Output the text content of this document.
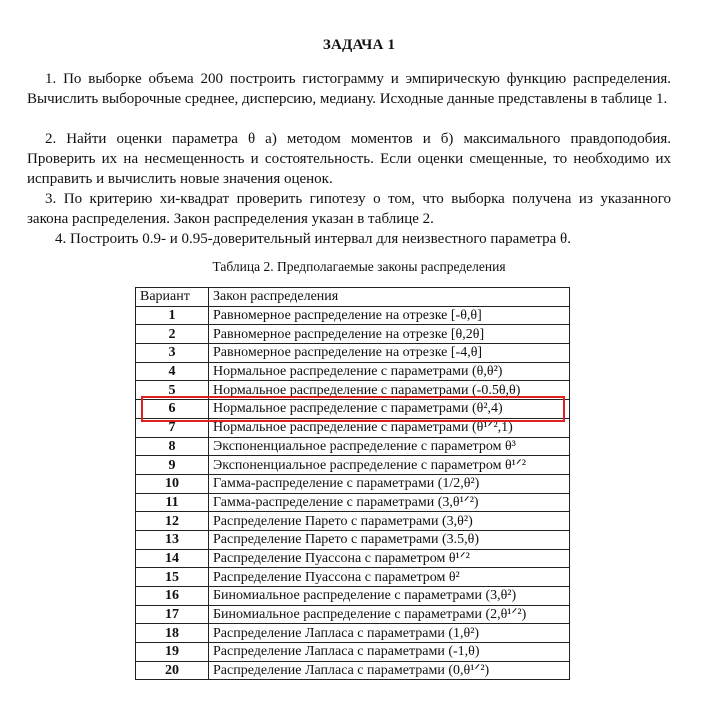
ЗАДАЧА 1
1. По выборке объема 200 построить гистограмму и эмпирическую функцию распределения. Вычислить выборочные среднее, дисперсию, медиану. Исходные данные представлены в таблице 1.
2. Найти оценки параметра θ а) методом моментов и б) максимального правдоподобия. Проверить их на несмещенность и состоятельность. Если оценки смещенные, то необходимо их исправить и вычислить новые значения оценок.
3. По критерию хи-квадрат проверить гипотезу о том, что выборка получена из указанного закона распределения. Закон распределения указан в таблице 2.
4. Построить 0.9- и 0.95-доверительный интервал для неизвестного параметра θ.
Таблица 2. Предполагаемые законы распределения
Вариант	Закон распределения
1	Равномерное распределение на отрезке [-θ,θ]
2	Равномерное распределение на отрезке [θ,2θ]
3	Равномерное распределение на отрезке [-4,θ]
4	Нормальное распределение с параметрами (θ,θ²)
5	Нормальное распределение с параметрами (-0.5θ,θ)
6	Нормальное распределение с параметрами (θ²,4)
7	Нормальное распределение с параметрами (θ¹ᐟ²,1)
8	Экспоненциальное распределение с параметром θ³
9	Экспоненциальное распределение с параметром θ¹ᐟ²
10	Гамма-распределение с параметрами (1/2,θ²)
11	Гамма-распределение с параметрами (3,θ¹ᐟ²)
12	Распределение Парето с параметрами (3,θ²)
13	Распределение Парето с параметрами (3.5,θ)
14	Распределение Пуассона с параметром θ¹ᐟ²
15	Распределение Пуассона с параметром θ²
16	Биномиальное распределение с параметрами (3,θ²)
17	Биномиальное распределение с параметрами (2,θ¹ᐟ²)
18	Распределение Лапласа с параметрами (1,θ²)
19	Распределение Лапласа с параметрами (-1,θ)
20	Распределение Лапласа с параметрами (0,θ¹ᐟ²)
